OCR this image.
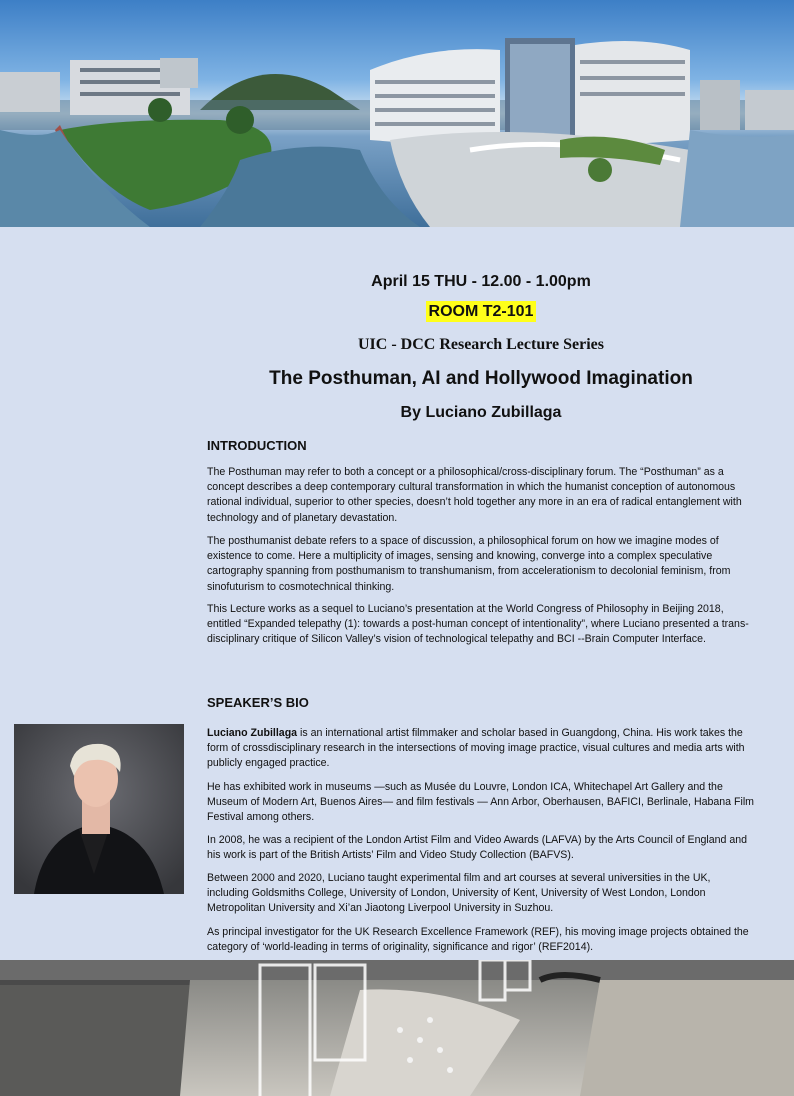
April 15 THU - 12.00 - 1.00pm
ROOM T2-101
UIC - DCC Research Lecture Series
The Posthuman, AI and Hollywood Imagination
By Luciano Zubillaga
INTRODUCTION
The Posthuman may refer to both a concept or a philosophical/cross-disciplinary forum. The “Posthuman” as a concept describes a deep contemporary cultural transformation in which the humanist conception of autonomous rational individual, superior to other species, doesn’t hold together any more in an era of radical entanglement with technology and of planetary devastation.
The posthumanist debate refers to a space of discussion, a philosophical forum on how we imagine modes of existence to come. Here a multiplicity of images, sensing and knowing, converge into a complex speculative cartography spanning from posthumanism to transhumanism, from accelerationism to decolonial feminism, from sinofuturism to cosmotechnical thinking.
This Lecture works as a sequel to Luciano’s presentation at the World Congress of Philosophy in Beijing 2018, entitled “Expanded telepathy (1): towards a post-human concept of intentionality”, where Luciano presented a trans-disciplinary critique of Silicon Valley’s vision of technological telepathy and BCI --Brain Computer Interface.
SPEAKER’S BIO
Luciano Zubillaga is an international artist filmmaker and scholar based in Guangdong, China. His work takes the form of crossdisciplinary research in the intersections of moving image practice, visual cultures and media arts with publicly engaged practice.
He has exhibited work in museums —such as Musée du Louvre, London ICA, Whitechapel Art Gallery and the Museum of Modern Art, Buenos Aires— and film festivals — Ann Arbor, Oberhausen, BAFICI, Berlinale, Habana Film Festival among others.
In 2008, he was a recipient of the London Artist Film and Video Awards (LAFVA) by the Arts Council of England and his work is part of the British Artists’ Film and Video Study Collection (BAFVS).
Between 2000 and 2020, Luciano taught experimental film and art courses at several universities in the UK, including Goldsmiths College, University of London, University of Kent, University of West London, London Metropolitan University and Xi’an Jiaotong Liverpool University in Suzhou.
As principal investigator for the UK Research Excellence Framework (REF), his moving image projects obtained the category of ‘world-leading in terms of originality, significance and rigor’ (REF2014).
